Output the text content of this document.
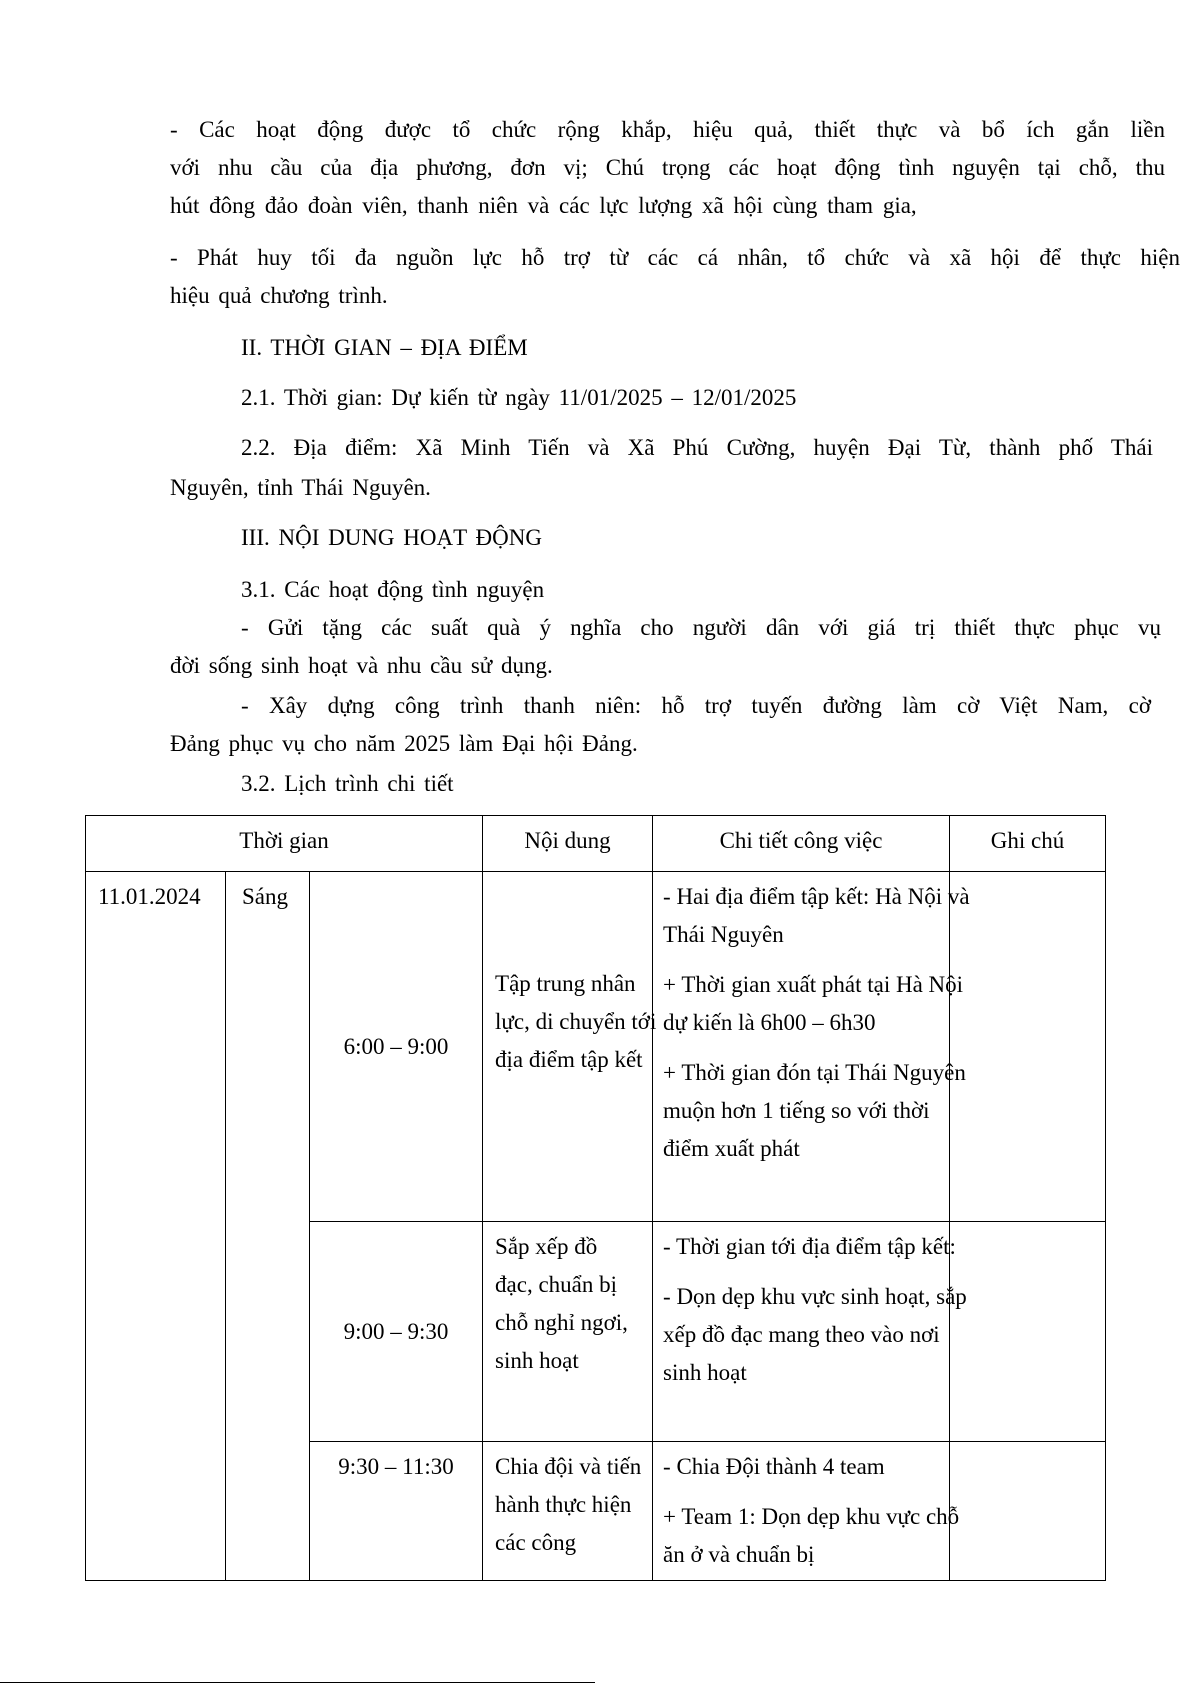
- Các hoạt động được tổ chức rộng khắp, hiệu quả, thiết thực và bổ ích gắn liền
với nhu cầu của địa phương, đơn vị; Chú trọng các hoạt động tình nguyện tại chỗ, thu
hút đông đảo đoàn viên, thanh niên và các lực lượng xã hội cùng tham gia,
- Phát huy tối đa nguồn lực hỗ trợ từ các cá nhân, tổ chức và xã hội để thực hiện
hiệu quả chương trình.
II. THỜI GIAN – ĐỊA ĐIỂM
2.1. Thời gian: Dự kiến từ ngày 11/01/2025 – 12/01/2025
2.2. Địa điểm: Xã Minh Tiến và Xã Phú Cường, huyện Đại Từ, thành phố Thái
Nguyên, tỉnh Thái Nguyên.
III. NỘI DUNG HOẠT ĐỘNG
3.1. Các hoạt động tình nguyện
- Gửi tặng các suất quà ý nghĩa cho người dân với giá trị thiết thực phục vụ
đời sống sinh hoạt và nhu cầu sử dụng.
- Xây dựng công trình thanh niên: hỗ trợ tuyến đường làm cờ Việt Nam, cờ
Đảng phục vụ cho năm 2025 làm Đại hội Đảng.
3.2. Lịch trình chi tiết
Thời gian			Nội dung	Chi tiết công việc	Ghi chú

11.01.2024	Sáng	6:00 – 9:00	Tập trung nhân lực, di chuyển tới địa điểm tập kết	- Hai địa điểm tập kết: Hà Nội và Thái Nguyên
+ Thời gian xuất phát tại Hà Nội dự kiến là 6h00 – 6h30
+ Thời gian đón tại Thái Nguyên muộn hơn 1 tiếng so với thời điểm xuất phát	

		9:00 – 9:30	Sắp xếp đồ đạc, chuẩn bị chỗ nghỉ ngơi, sinh hoạt	- Thời gian tới địa điểm tập kết:
- Dọn dẹp khu vực sinh hoạt, sắp xếp đồ đạc mang theo vào nơi sinh hoạt	

		9:30 – 11:30	Chia đội và tiến hành thực hiện các công	- Chia Đội thành 4 team
+ Team 1: Dọn dẹp khu vực chỗ ăn ở và chuẩn bị	
